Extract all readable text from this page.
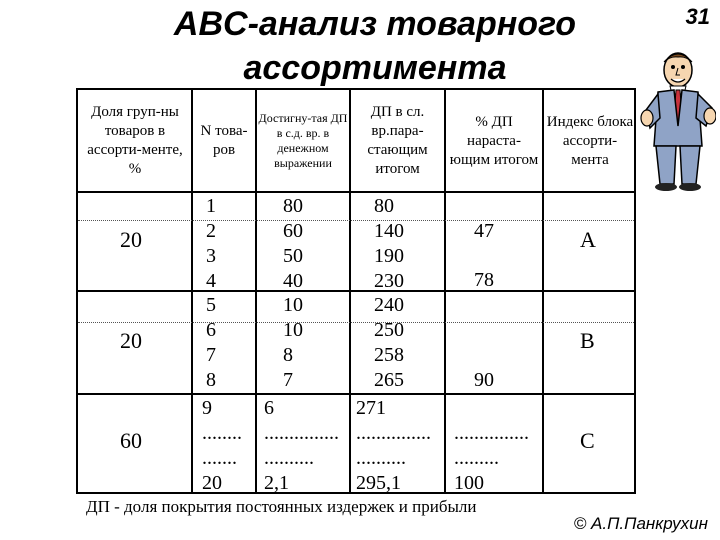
ABC-анализ товарного ассортимента
31
Доля груп-ны товаров в ассорти-менте, %
N това-ров
Достигну-тая ДП в с.д. вр. в денежном выражении
ДП в сл. вр.пара-стающим итогом
% ДП нараста-ющим итогом
Индекс блока ассорти-мента
20
1
2
3
4
80
60
50
40
80
140
190
230
47
78
A
20
5
6
7
8
10
10
8
7
240
250
258
265	90
B
60
9
........
.......
20
6
...............
..........
2,1
271
...............
..........
295,1
...............
.........
100
C
ДП - доля покрытия постоянных издержек и прибыли
© А.П.Панкрухин
